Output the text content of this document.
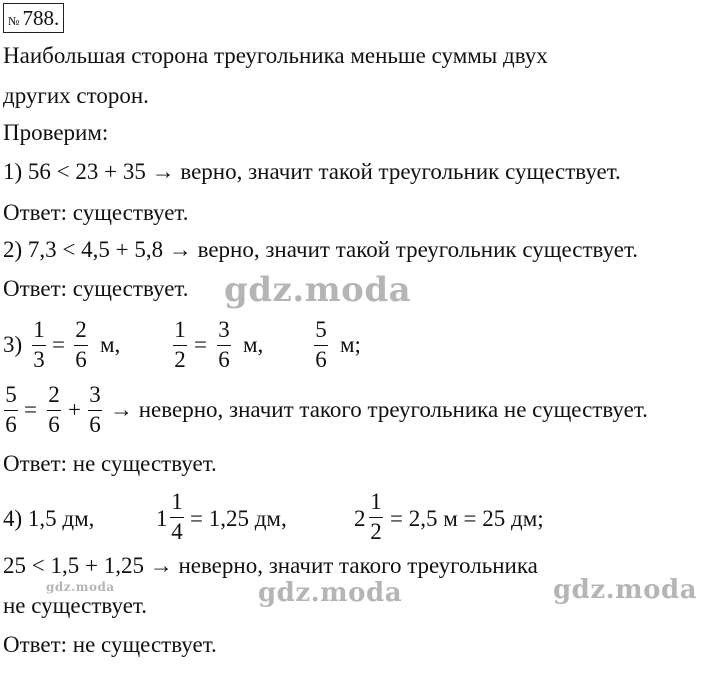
№ 788.
Наибольшая сторона треугольника меньше суммы двух
других сторон.
Проверим:
1) 56 < 23 + 35 → верно, значит такой треугольник существует.
Ответ: существует.
2) 7,3 < 4,5 + 5,8 → верно, значит такой треугольник существует.
Ответ: существует.
3)
1
3
=
2
6
м,
1
2
=
3
6
м,
5
6
м;
5
6
=
2
6
+
3
6
→ неверно, значит такого треугольника не существует.
Ответ: не существует.
4) 1,5 дм,	1
1
4
= 1,25 дм,	2
1
2
= 2,5 м = 25 дм;
25 < 1,5 + 1,25 → неверно, значит такого треугольника
не существует.
Ответ: не существует.
gdz.moda
gdz.moda	gdz.moda
gdz.moda
